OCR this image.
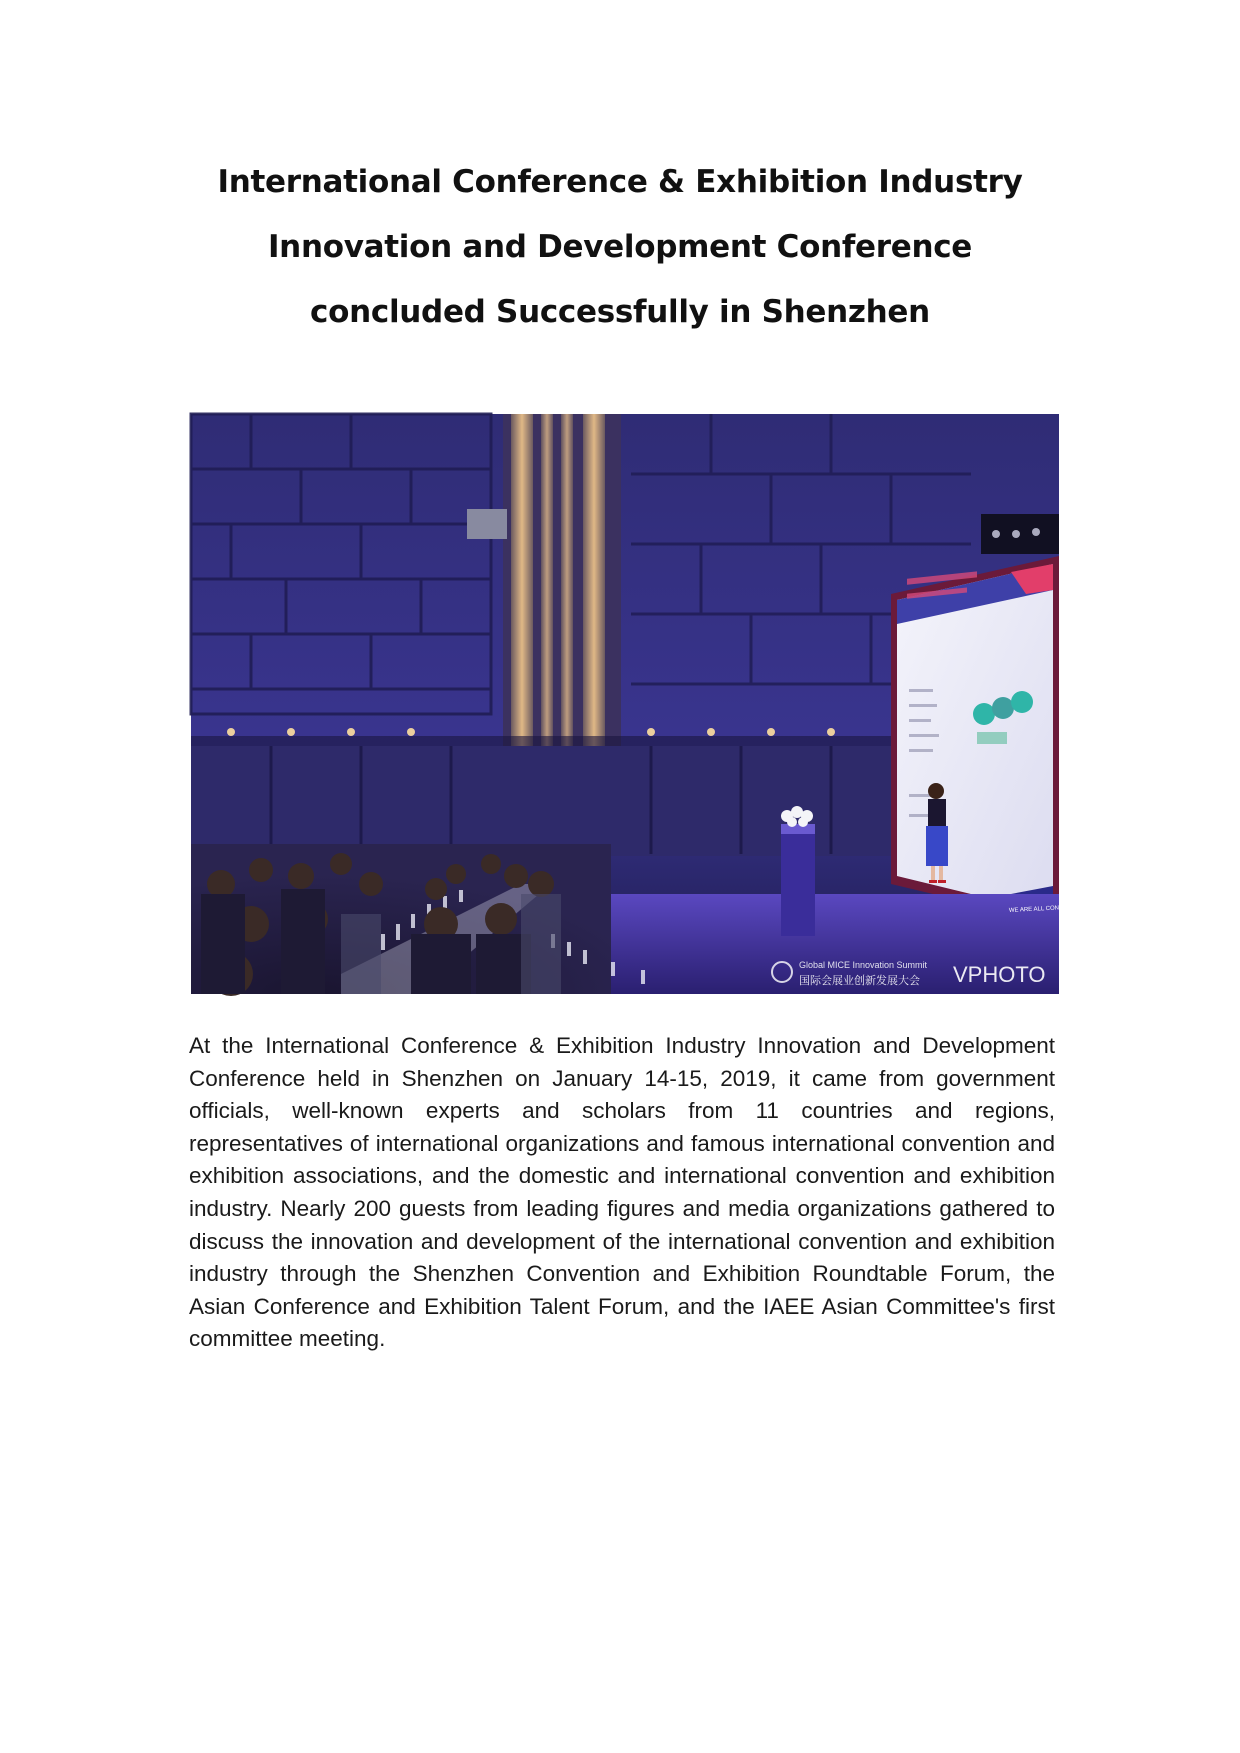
International Conference & Exhibition Industry
Innovation and Development Conference
concluded Successfully in Shenzhen
Global MICE Innovation Summit
国际会展业创新发展大会 VPHOTO
WE ARE ALL CONNECTED
At the International Conference & Exhibition Industry Innovation and Development Conference held in Shenzhen on January 14-15, 2019, it came from government officials, well-known experts and scholars from 11 countries and regions, representatives of international organizations and famous international convention and exhibition associations, and the domestic and international convention and exhibition industry. Nearly 200 guests from leading figures and media organizations gathered to discuss the innovation and development of the international convention and exhibition industry through the Shenzhen Convention and Exhibition Roundtable Forum, the Asian Conference and Exhibition Talent Forum, and the IAEE Asian Committee's first committee meeting.
